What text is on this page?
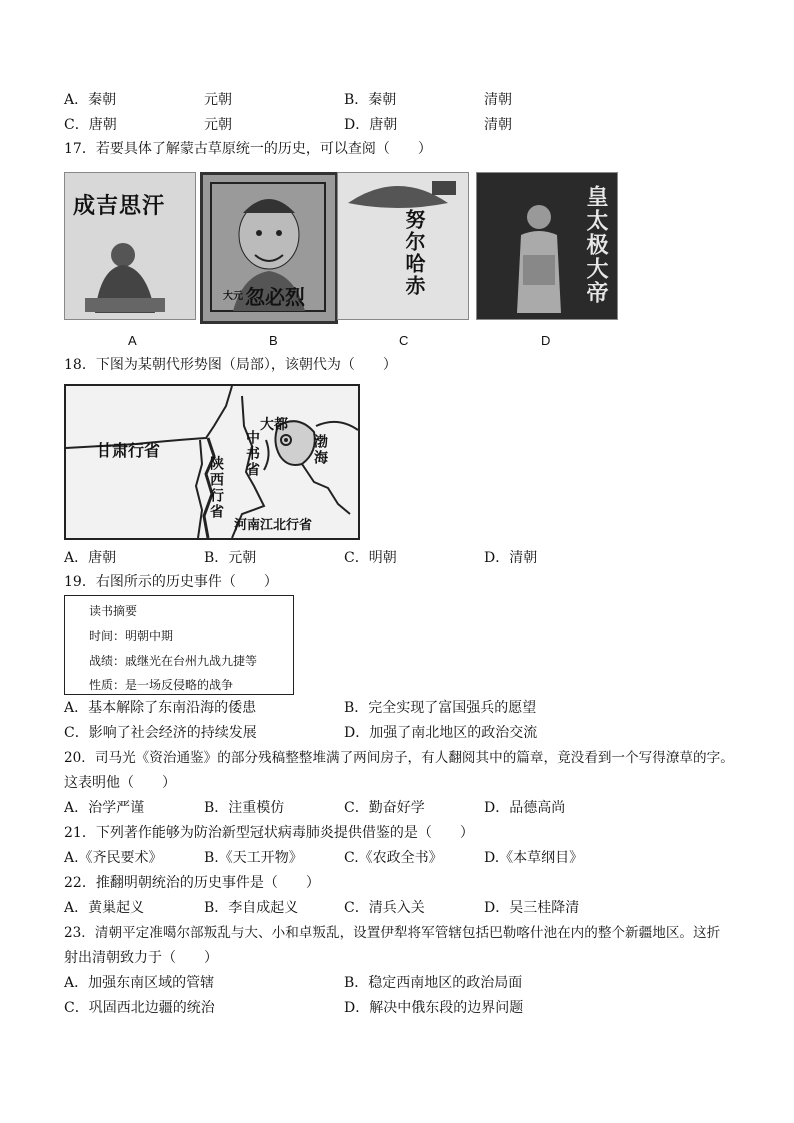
A．秦朝	元朝	B．秦朝	清朝
C．唐朝	元朝	D．唐朝	清朝
17．若要具体了解蒙古草原统一的历史，可以查阅（　　）
成吉思汗
大元 忽必烈	努尔哈赤	皇太极大帝
A	B	C	D
18．下图为某朝代形势图（局部），该朝代为（　　）
甘肃行省
大都
中书省	渤海
陕西行省
河南江北行省
A．唐朝	B．元朝	C．明朝	D．清朝
19．右图所示的历史事件（　　）
读书摘要
时间：明朝中期
战绩：戚继光在台州九战九捷等
性质：是一场反侵略的战争
A．基本解除了东南沿海的倭患	B．完全实现了富国强兵的愿望
C．影响了社会经济的持续发展	D．加强了南北地区的政治交流
20．司马光《资治通鉴》的部分残稿整整堆满了两间房子，有人翻阅其中的篇章，竟没看到一个写得潦草的字。
这表明他（　　）
A．治学严谨	B．注重模仿	C．勤奋好学	D．品德高尚
21．下列著作能够为防治新型冠状病毒肺炎提供借鉴的是（　　）
A.《齐民要术》	B.《天工开物》	C.《农政全书》	D.《本草纲目》
22．推翻明朝统治的历史事件是（　　）
A．黄巢起义	B．李自成起义	C．清兵入关	D．吴三桂降清
23．清朝平定准噶尔部叛乱与大、小和卓叛乱，设置伊犁将军管辖包括巴勒喀什池在内的整个新疆地区。这折
射出清朝致力于（　　）
A．加强东南区域的管辖	B．稳定西南地区的政治局面
C．巩固西北边疆的统治	D．解决中俄东段的边界问题
